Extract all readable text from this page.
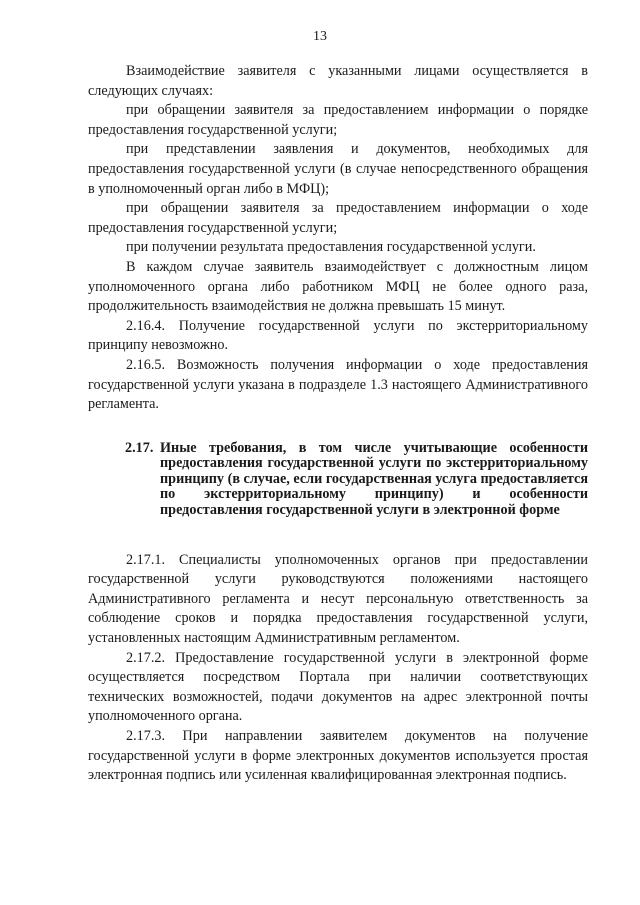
13

Взаимодействие заявителя с указанными лицами осуществляется в следующих случаях:

при обращении заявителя за предоставлением информации о порядке предоставления государственной услуги;

при представлении заявления и документов, необходимых для предоставления государственной услуги (в случае непосредственного обращения в уполномоченный орган либо в МФЦ);

при обращении заявителя за предоставлением информации о ходе предоставления государственной услуги;

при получении результата предоставления государственной услуги.

В каждом случае заявитель взаимодействует с должностным лицом уполномоченного органа либо работником МФЦ не более одного раза, продолжительность взаимодействия не должна превышать 15 минут.

2.16.4. Получение государственной услуги по экстерриториальному принципу невозможно.

2.16.5. Возможность получения информации о ходе предоставления государственной услуги указана в подразделе 1.3 настоящего Административного регламента.

2.17. Иные требования, в том числе учитывающие особенности предоставления государственной услуги по экстерриториальному принципу (в случае, если государственная услуга предоставляется по экстерриториальному принципу) и особенности предоставления государственной услуги в электронной форме

2.17.1. Специалисты уполномоченных органов при предоставлении государственной услуги руководствуются положениями настоящего Административного регламента и несут персональную ответственность за соблюдение сроков и порядка предоставления государственной услуги, установленных настоящим Административным регламентом.

2.17.2. Предоставление государственной услуги в электронной форме осуществляется посредством Портала при наличии соответствующих технических возможностей, подачи документов на адрес электронной почты уполномоченного органа.

2.17.3. При направлении заявителем документов на получение государственной услуги в форме электронных документов используется простая электронная подпись или усиленная квалифицированная электронная подпись.
